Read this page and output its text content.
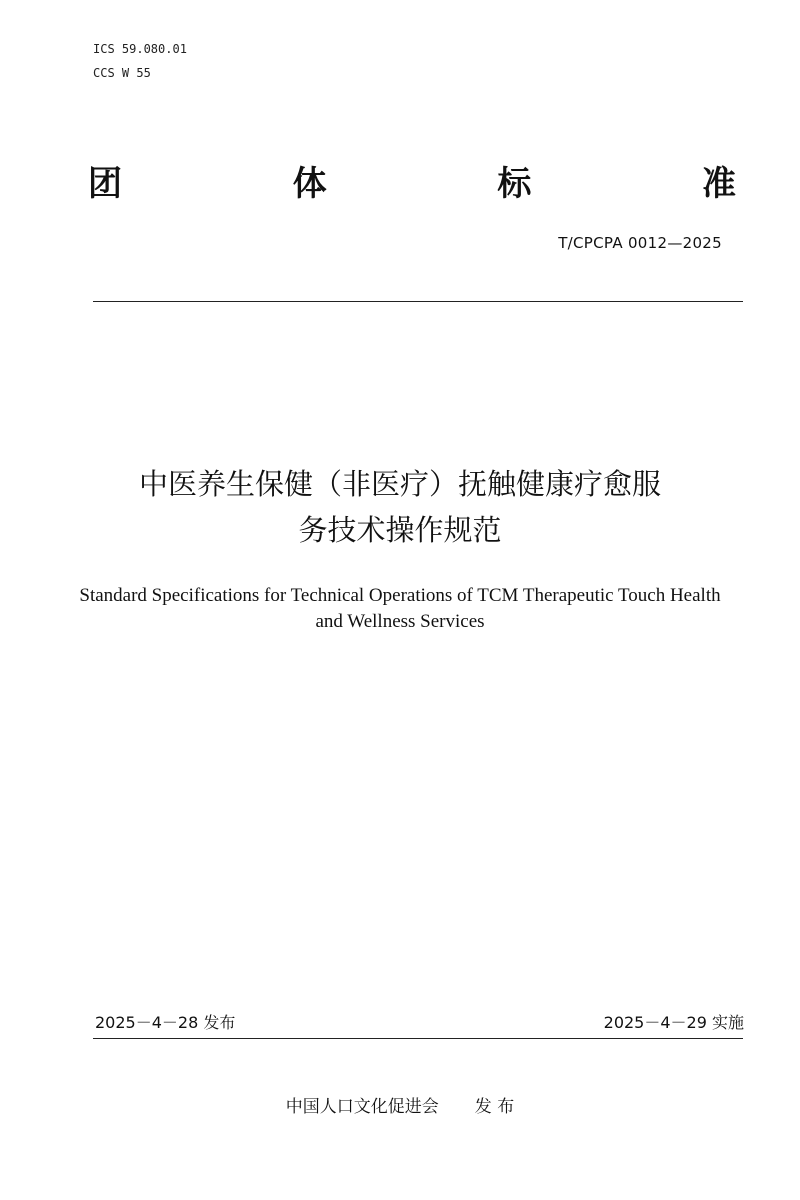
ICS 59.080.01
CCS W 55
团	体	标	准
T/CPCPA 0012—2025
中医养生保健（非医疗）抚触健康疗愈服
务技术操作规范
Standard Specifications for Technical Operations of TCM Therapeutic Touch Health
and Wellness Services
2025－4－28 发布	2025－4－29 实施
中国人口文化促进会 发 布
